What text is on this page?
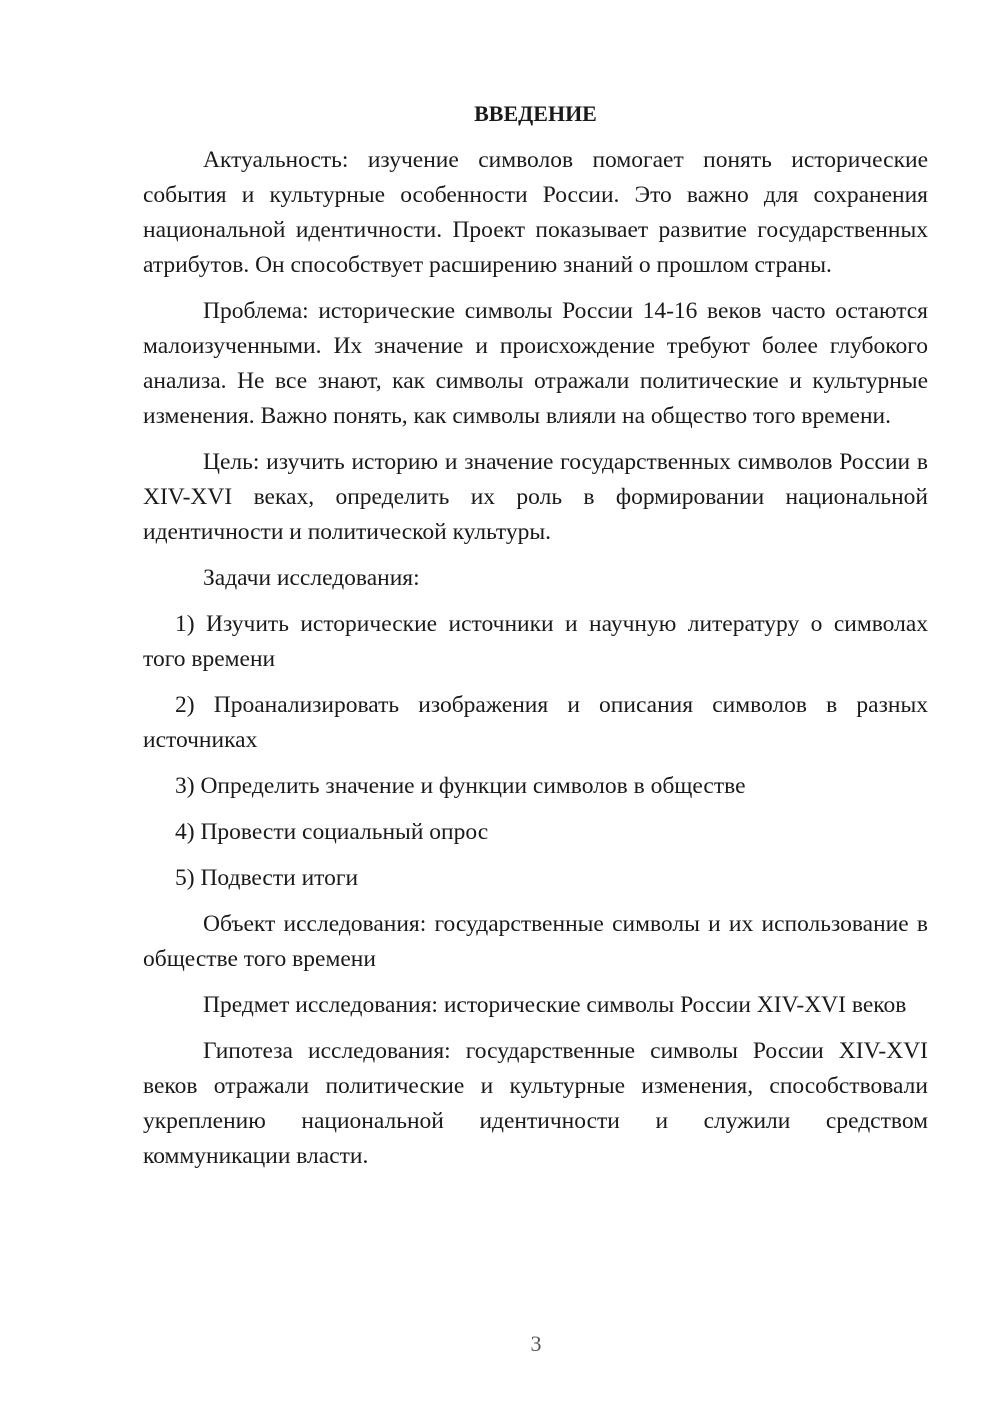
ВВЕДЕНИЕ

Актуальность: изучение символов помогает понять исторические события и культурные особенности России. Это важно для сохранения национальной идентичности. Проект показывает развитие государственных атрибутов. Он способствует расширению знаний о прошлом страны.

Проблема: исторические символы России 14-16 веков часто остаются малоизученными. Их значение и происхождение требуют более глубокого анализа. Не все знают, как символы отражали политические и культурные изменения. Важно понять, как символы влияли на общество того времени.

Цель: изучить историю и значение государственных символов России в XIV-XVI веках, определить их роль в формировании национальной идентичности и политической культуры.

Задачи исследования:

1) Изучить исторические источники и научную литературу о символах того времени

2) Проанализировать изображения и описания символов в разных источниках

3) Определить значение и функции символов в обществе

4) Провести социальный опрос

5) Подвести итоги

Объект исследования: государственные символы и их использование в обществе того времени

Предмет исследования: исторические символы России XIV-XVI веков

Гипотеза исследования: государственные символы России XIV-XVI веков отражали политические и культурные изменения, способствовали укреплению национальной идентичности и служили средством коммуникации власти.

3
